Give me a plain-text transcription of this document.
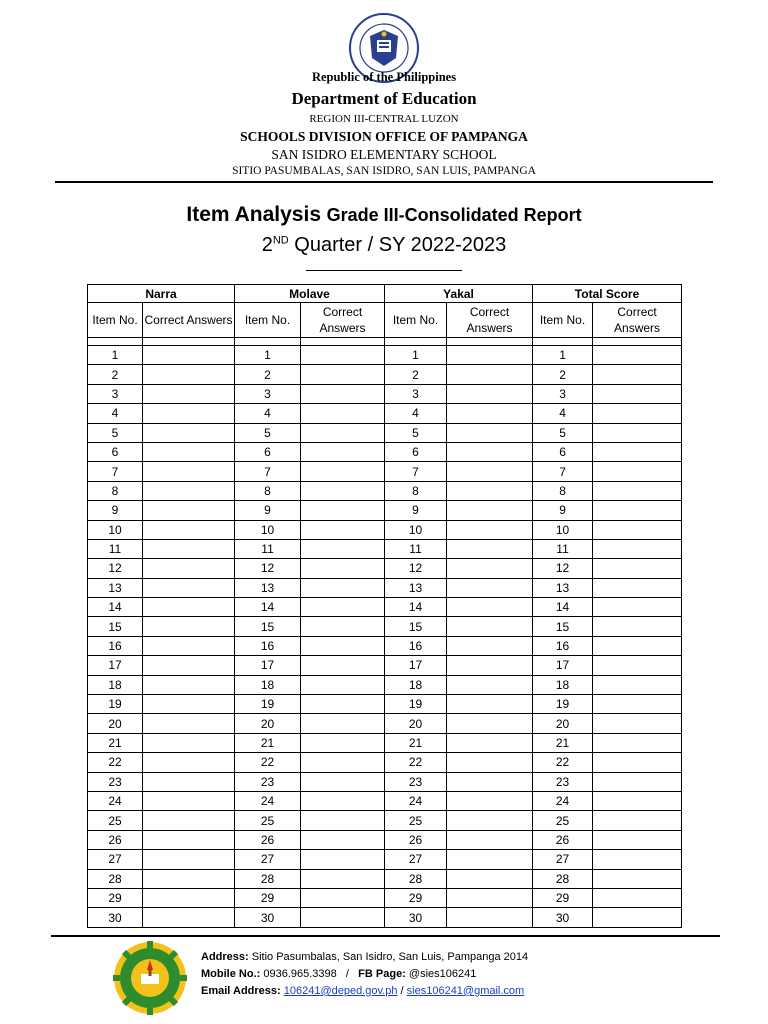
Republic of the Philippines
Department of Education
REGION III-CENTRAL LUZON
SCHOOLS DIVISION OFFICE OF PAMPANGA
SAN ISIDRO ELEMENTARY SCHOOL
SITIO PASUMBALAS, SAN ISIDRO, SAN LUIS, PAMPANGA
Item Analysis Grade III-Consolidated Report
2ND Quarter / SY 2022-2023
Narra		Molave		Yakal		Total Score	
Item No.	Correct Answers	Item No.	Correct Answers	Item No.	Correct Answers	Item No.	Correct Answers

1		1		1		1	
2		2		2		2	
3		3		3		3	
4		4		4		4	
5		5		5		5	
6		6		6		6	
7		7		7		7	
8		8		8		8	
9		9		9		9	
10		10		10		10	
11		11		11		11	
12		12		12		12	
13		13		13		13	
14		14		14		14	
15		15		15		15	
16		16		16		16	
17		17		17		17	
18		18		18		18	
19		19		19		19	
20		20		20		20	
21		21		21		21	
22		22		22		22	
23		23		23		23	
24		24		24		24	
25		25		25		25	
26		26		26		26	
27		27		27		27	
28		28		28		28	
29		29		29		29	
30		30		30		30	
Address: Sitio Pasumbalas, San Isidro, San Luis, Pampanga 2014
Mobile No.: 0936.965.3398   /   FB Page: @sies106241
Email Address: 106241@deped.gov.ph / sies106241@gmail.com
